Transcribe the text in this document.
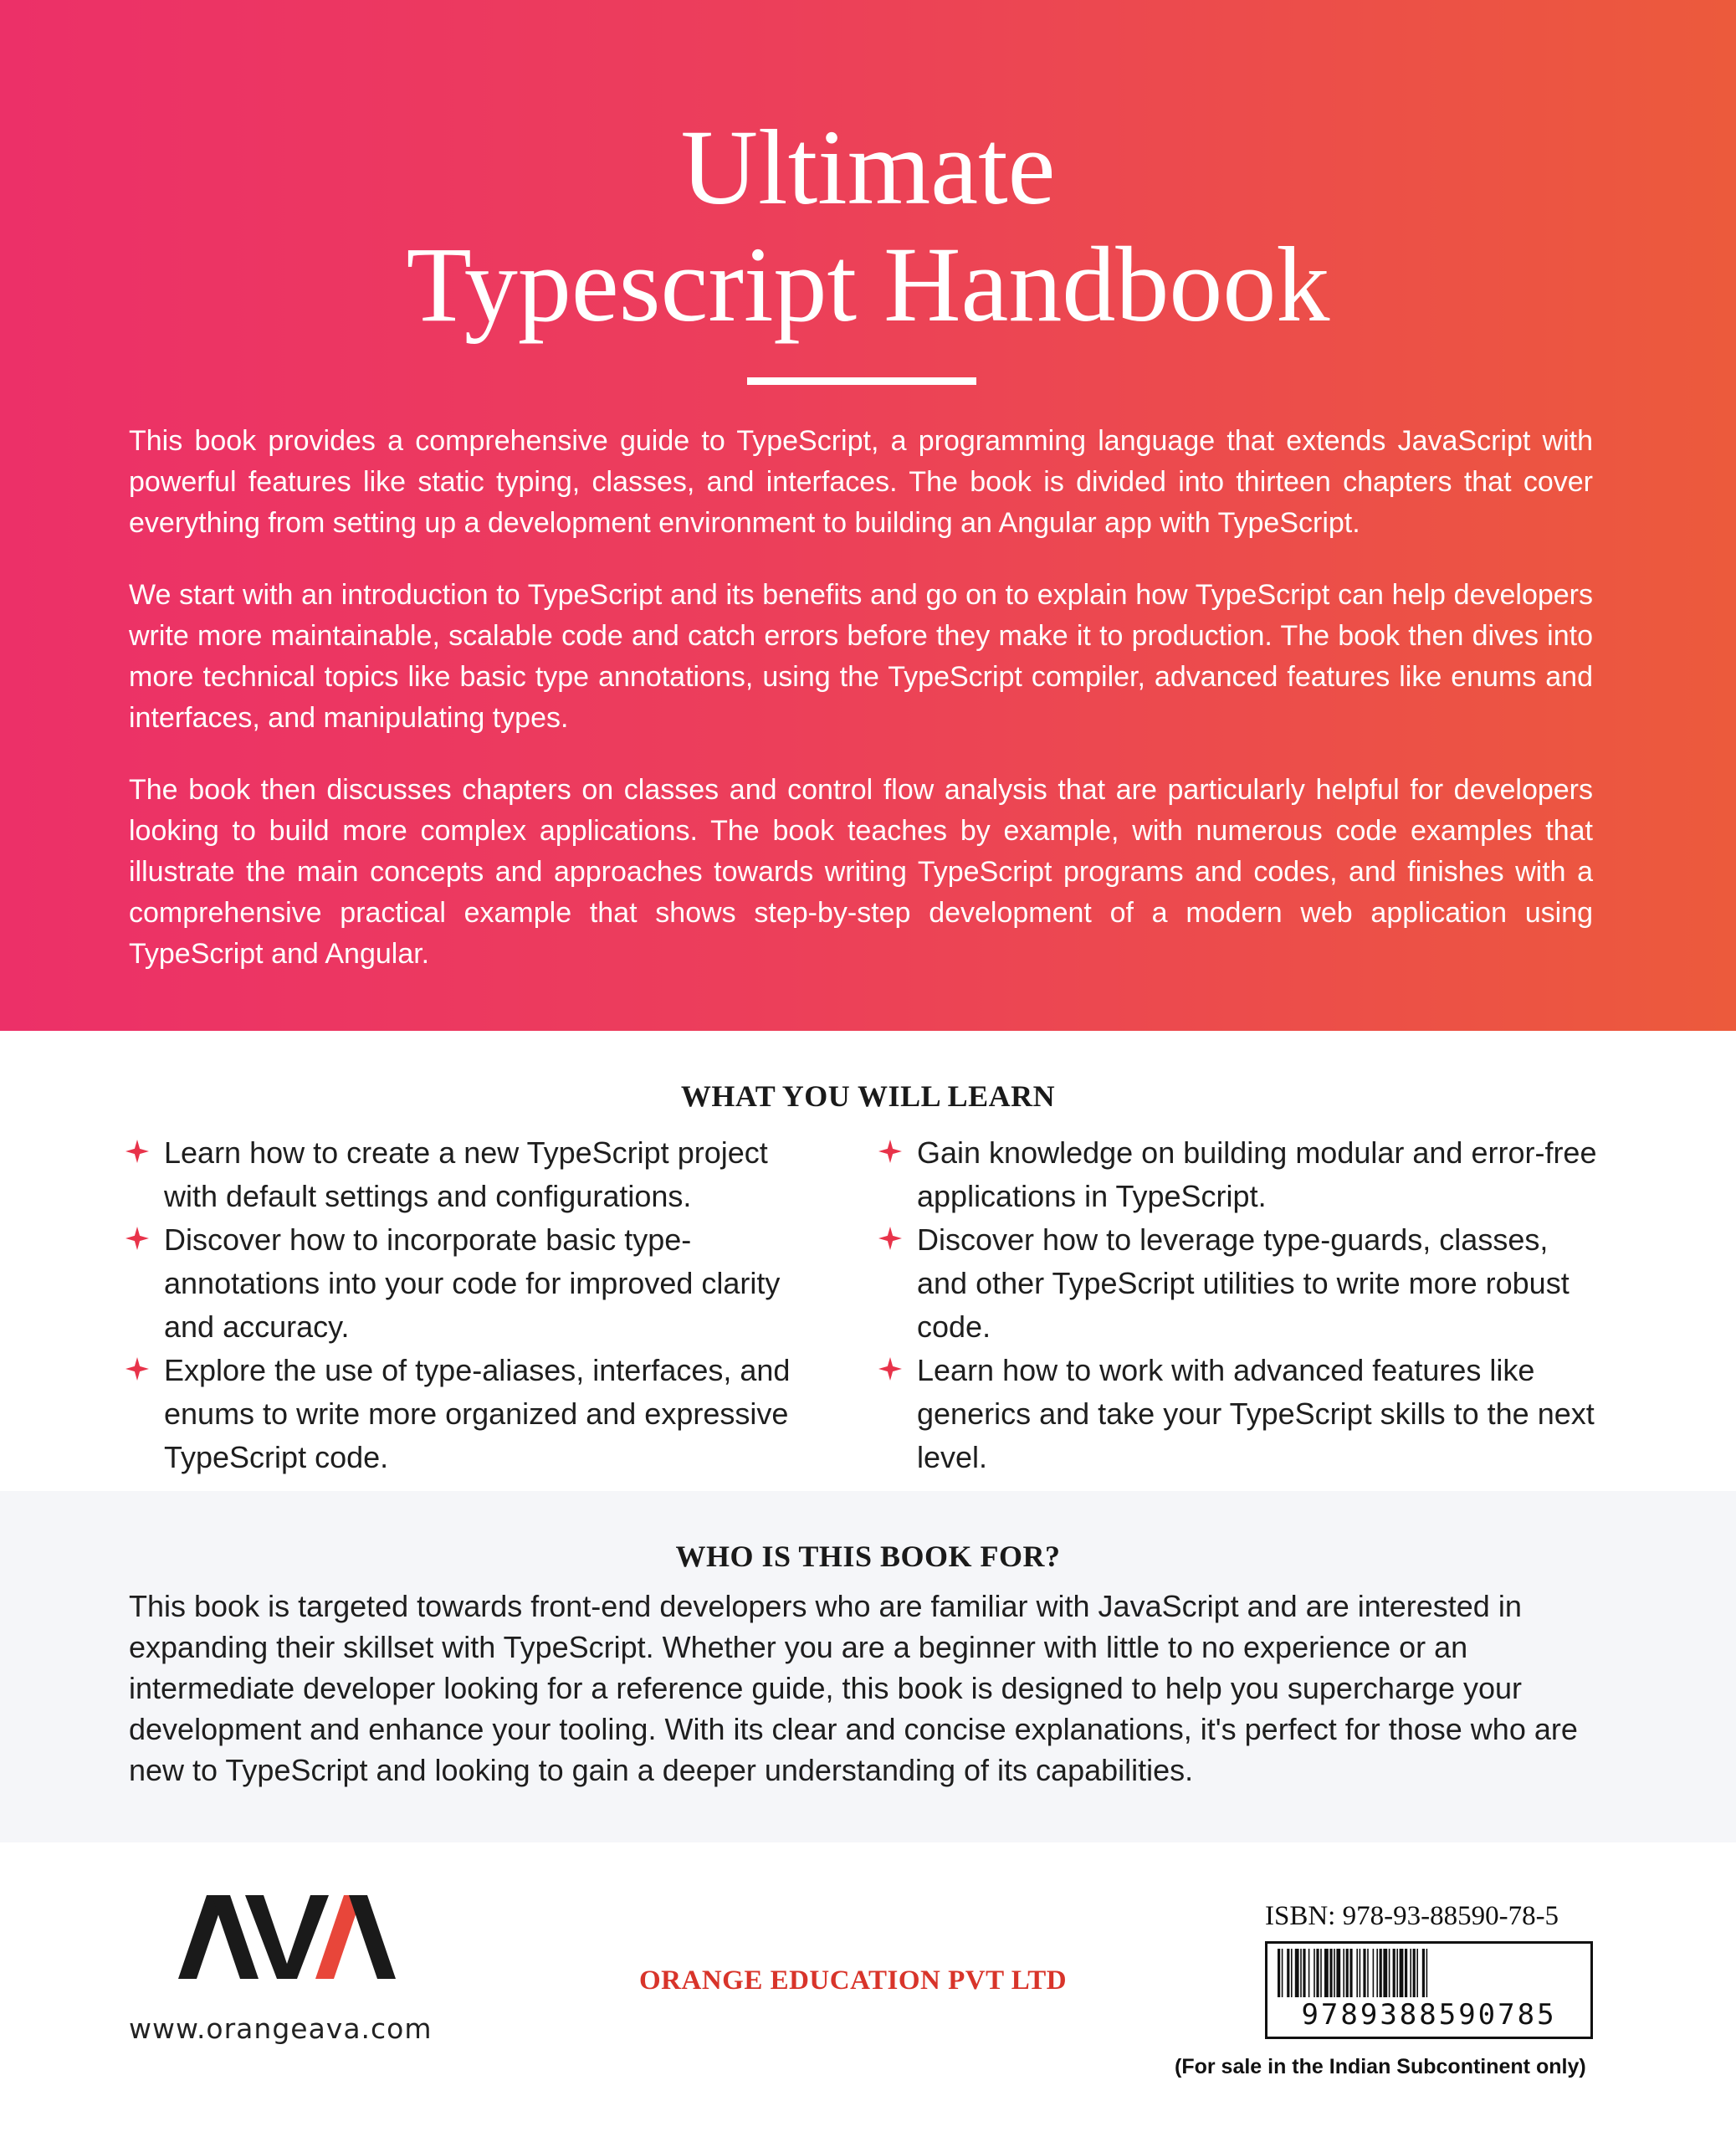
Ultimate
Typescript Handbook

This book provides a comprehensive guide to TypeScript, a programming language that extends JavaScript with powerful features like static typing, classes, and interfaces. The book is divided into thirteen chapters that cover everything from setting up a development environment to building an Angular app with TypeScript.

We start with an introduction to TypeScript and its benefits and go on to explain how TypeScript can help developers write more maintainable, scalable code and catch errors before they make it to production. The book then dives into more technical topics like basic type annotations, using the TypeScript compiler, advanced features like enums and interfaces, and manipulating types.

The book then discusses chapters on classes and control flow analysis that are particularly helpful for developers looking to build more complex applications. The book teaches by example, with numerous code examples that illustrate the main concepts and approaches towards writing TypeScript programs and codes, and finishes with a comprehensive practical example that shows step-by-step development of a modern web application using TypeScript and Angular.

WHAT YOU WILL LEARN
Learn how to create a new TypeScript project with default settings and configurations.
Discover how to incorporate basic type-annotations into your code for improved clarity and accuracy.
Explore the use of type-aliases, interfaces, and enums to write more organized and expressive TypeScript code.
Gain knowledge on building modular and error-free applications in TypeScript.
Discover how to leverage type-guards, classes, and other TypeScript utilities to write more robust code.
Learn how to work with advanced features like generics and take your TypeScript skills to the next level.
WHO IS THIS BOOK FOR?

This book is targeted towards front-end developers who are familiar with JavaScript and are interested in expanding their skillset with TypeScript. Whether you are a beginner with little to no experience or an intermediate developer looking for a reference guide, this book is designed to help you supercharge your development and enhance your tooling. With its clear and concise explanations, it's perfect for those who are new to TypeScript and looking to gain a deeper understanding of its capabilities.

www.orangeava.com
ORANGE EDUCATION PVT LTD
ISBN: 978-93-88590-78-5
9789388590785
(For sale in the Indian Subcontinent only)
